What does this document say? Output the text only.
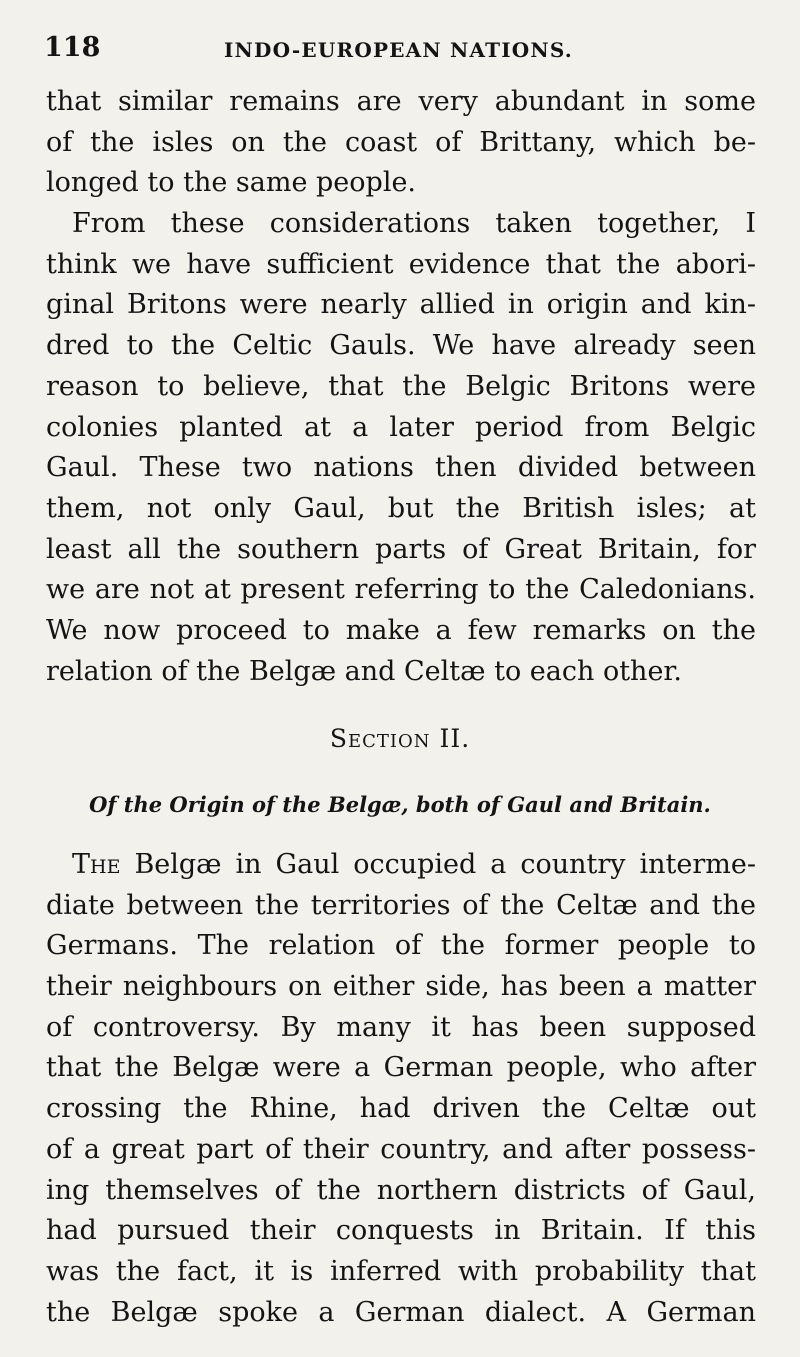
118	INDO-EUROPEAN NATIONS.
that similar remains are very abundant in some
of the isles on the coast of Brittany, which be-
longed to the same people.
From these considerations taken together, I
think we have sufficient evidence that the abori-
ginal Britons were nearly allied in origin and kin-
dred to the Celtic Gauls. We have already seen
reason to believe, that the Belgic Britons were
colonies planted at a later period from Belgic
Gaul. These two nations then divided between
them, not only Gaul, but the British isles; at
least all the southern parts of Great Britain, for
we are not at present referring to the Caledonians.
We now proceed to make a few remarks on the
relation of the Belgæ and Celtæ to each other.
Section II.
Of the Origin of the Belgæ, both of Gaul and Britain.
The Belgæ in Gaul occupied a country interme-
diate between the territories of the Celtæ and the
Germans. The relation of the former people to
their neighbours on either side, has been a matter
of controversy. By many it has been supposed
that the Belgæ were a German people, who after
crossing the Rhine, had driven the Celtæ out
of a great part of their country, and after possess-
ing themselves of the northern districts of Gaul,
had pursued their conquests in Britain. If this
was the fact, it is inferred with probability that
the Belgæ spoke a German dialect. A German
